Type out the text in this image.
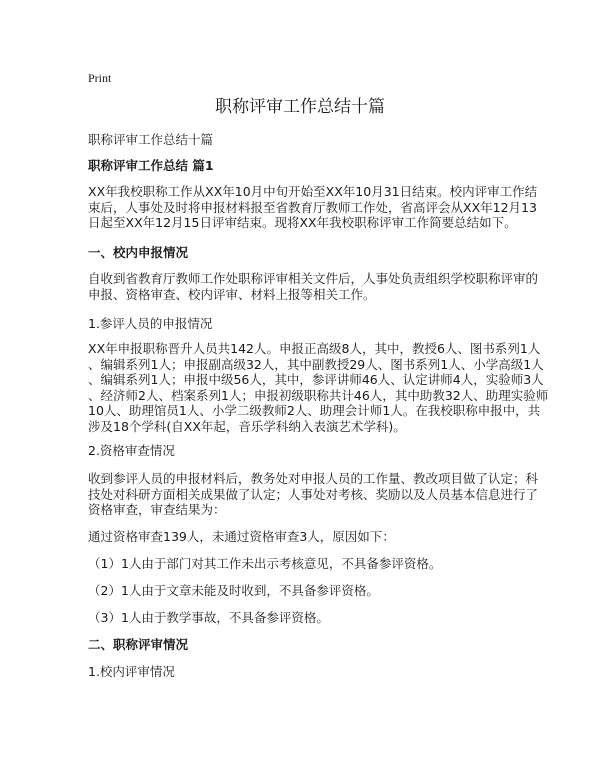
Print
职称评审工作总结十篇
职称评审工作总结十篇
职称评审工作总结 篇1
XX年我校职称工作从XX年10月中旬开始至XX年10月31日结束。校内评审工作结
束后，人事处及时将申报材料报至省教育厅教师工作处，省高评会从XX年12月13
日起至XX年12月15日评审结束。现将XX年我校职称评审工作简要总结如下。
一、校内申报情况
自收到省教育厅教师工作处职称评审相关文件后，人事处负责组织学校职称评审的
申报、资格审查、校内评审、材料上报等相关工作。
1.参评人员的申报情况
XX年申报职称晋升人员共142人。申报正高级8人，其中，教授6人、图书系列1人
、编辑系列1人；申报副高级32人，其中副教授29人、图书系列1人、小学高级1人
、编辑系列1人；申报中级56人，其中，参评讲师46人、认定讲师4人，实验师3人
、经济师2人、档案系列1人；申报初级职称共计46人，其中助教32人、助理实验师
10人、助理馆员1人、小学二级教师2人、助理会计师1人。在我校职称申报中，共
涉及18个学科(自XX年起，音乐学科纳入表演艺术学科)。
2.资格审查情况
收到参评人员的申报材料后，教务处对申报人员的工作量、教改项目做了认定；科
技处对科研方面相关成果做了认定；人事处对考核、奖励以及人员基本信息进行了
资格审查，审查结果为：
通过资格审查139人，未通过资格审查3人，原因如下：
（1）1人由于部门对其工作未出示考核意见，不具备参评资格。
（2）1人由于文章未能及时收到，不具备参评资格。
（3）1人由于教学事故，不具备参评资格。
二、职称评审情况
1.校内评审情况
